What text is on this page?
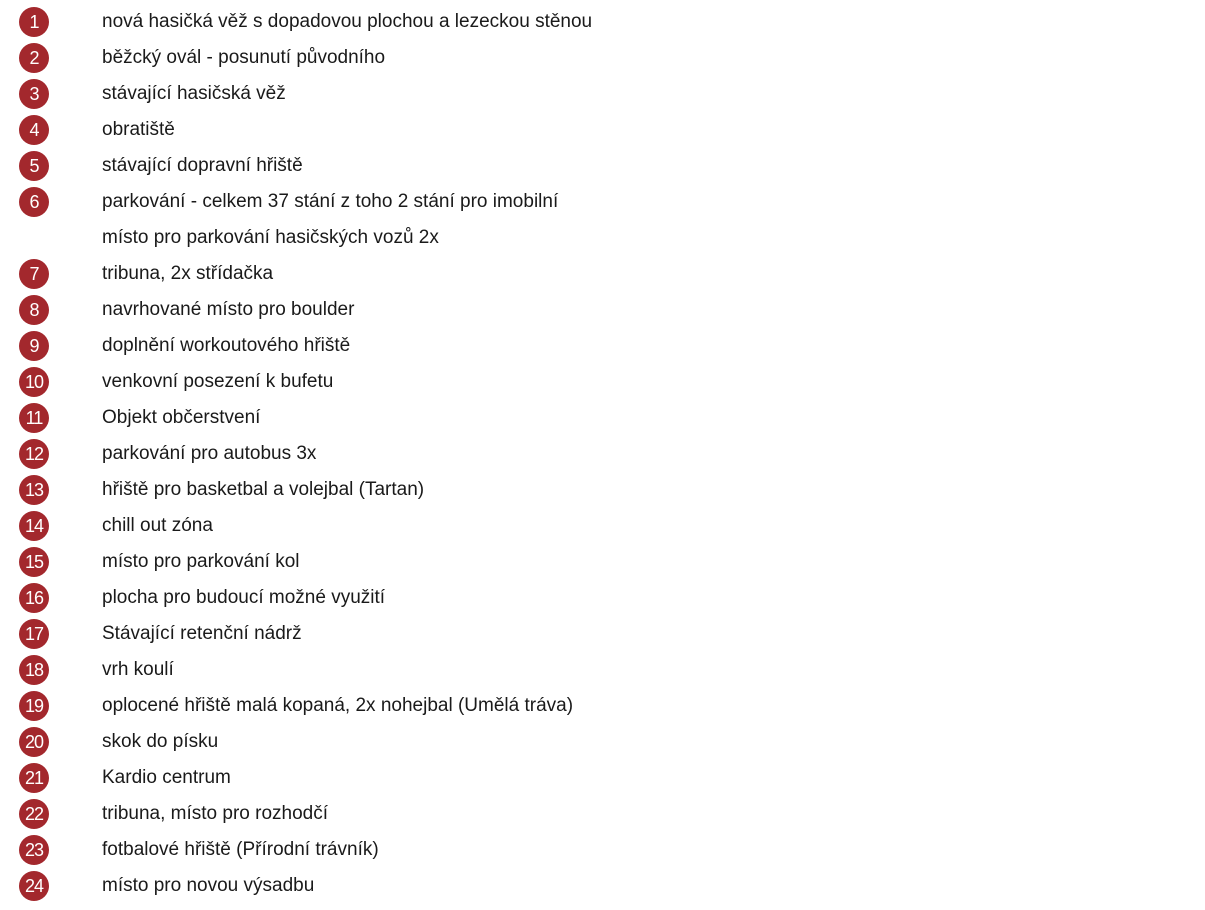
1	nová hasičká věž s dopadovou plochou a lezeckou stěnou
2	běžcký ovál - posunutí původního
3	stávající hasičská věž
4	obratiště
5	stávající dopravní hřiště
6	parkování - celkem 37 stání z toho 2 stání pro imobilní
místo pro parkování hasičských vozů 2x
7	tribuna, 2x střídačka
8	navrhované místo pro boulder
9	doplnění workoutového hřiště
10	venkovní posezení k bufetu
11	Objekt občerstvení
12	parkování pro autobus 3x
13	hřiště pro basketbal a volejbal (Tartan)
14	chill out zóna
15	místo pro parkování kol
16	plocha pro budoucí možné využití
17	Stávající retenční nádrž
18	vrh koulí
19	oplocené hřiště malá kopaná, 2x nohejbal (Umělá tráva)
20	skok do písku
21	Kardio centrum
22	tribuna, místo pro rozhodčí
23	fotbalové hřiště (Přírodní trávník)
24	místo pro novou výsadbu
